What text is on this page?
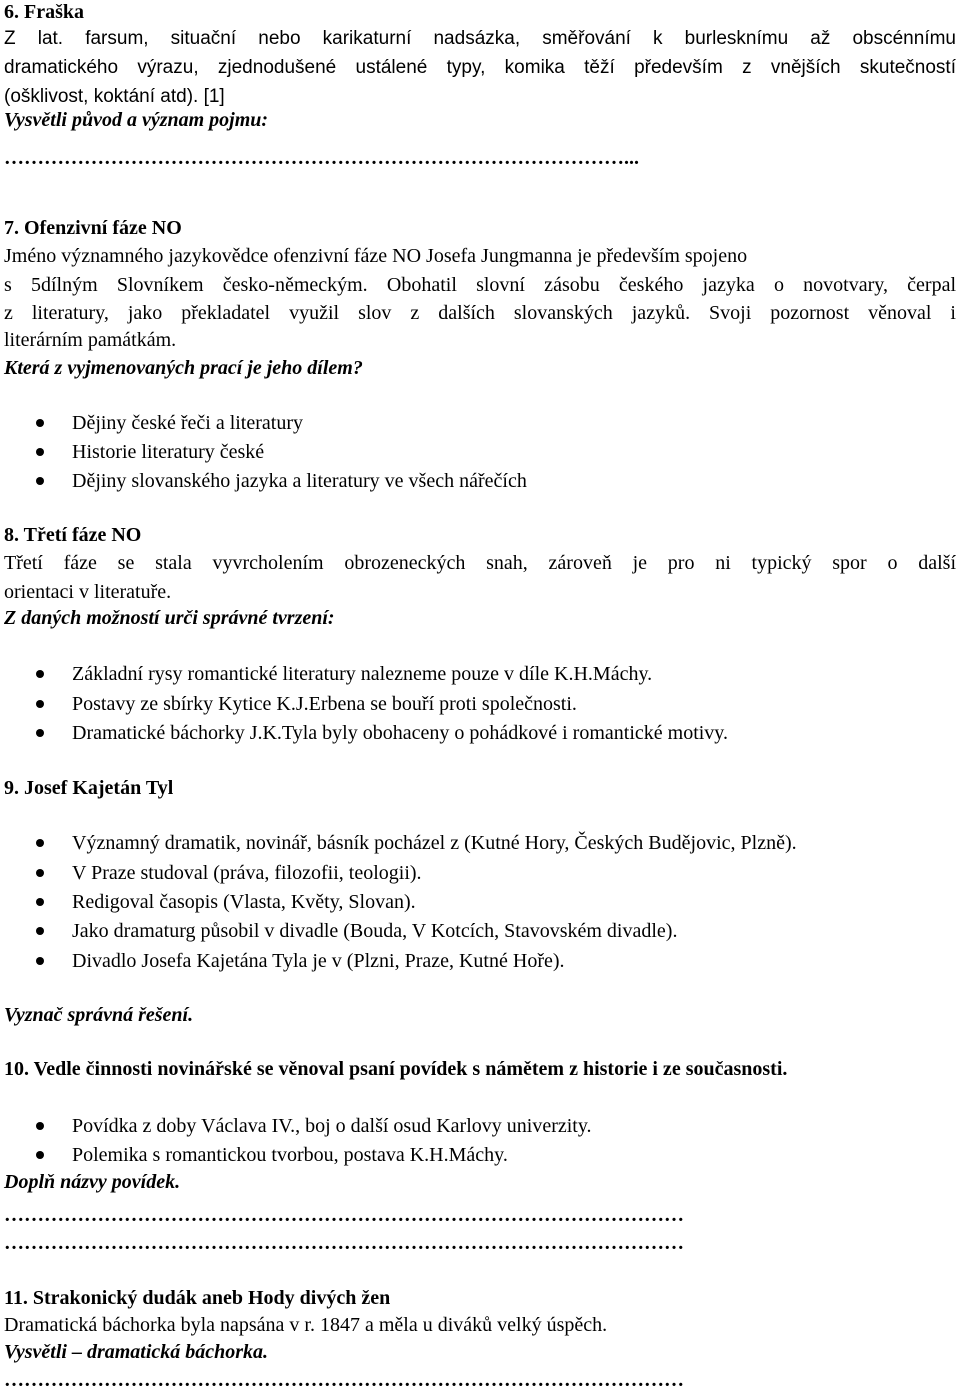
6. Fraška
Z lat. farsum, situační nebo karikaturní nadsázka, směřování k burlesknímu až obscénnímu
dramatického výrazu, zjednodušené ustálené typy, komika těží především z vnějších skutečností
(ošklivost, koktání atd). [1]
Vysvětli původ a význam pojmu:
…………………………………………………………………………………...
7. Ofenzivní fáze NO
Jméno významného jazykovědce ofenzivní fáze NO Josefa Jungmanna je především spojeno
s 5dílným Slovníkem česko-německým. Obohatil slovní zásobu českého jazyka o novotvary, čerpal
z literatury, jako překladatel využil slov z dalších slovanských jazyků. Svoji pozornost věnoval i
literárním památkám.
Která z vyjmenovaných prací je jeho dílem?
Dějiny české řeči a literatury
Historie literatury české
Dějiny slovanského jazyka a literatury ve všech nářečích
8. Třetí fáze NO
Třetí fáze se stala vyvrcholením obrozeneckých snah, zároveň je pro ni typický spor o další
orientaci v literatuře.
Z daných možností urči správné tvrzení:
Základní rysy romantické literatury nalezneme pouze v díle K.H.Máchy.
Postavy ze sbírky Kytice K.J.Erbena se bouří proti společnosti.
Dramatické báchorky J.K.Tyla byly obohaceny o pohádkové i romantické motivy.
9. Josef Kajetán Tyl
Významný dramatik, novinář, básník pocházel z (Kutné Hory, Českých Budějovic, Plzně).
V Praze studoval (práva, filozofii, teologii).
Redigoval časopis (Vlasta, Květy, Slovan).
Jako dramaturg působil v divadle (Bouda, V Kotcích, Stavovském divadle).
Divadlo Josefa Kajetána Tyla je v (Plzni, Praze, Kutné Hoře).
Vyznač správná řešení.
10. Vedle činnosti novinářské se věnoval psaní povídek s námětem z historie i ze současnosti.
Povídka z doby Václava IV., boj o další osud Karlovy univerzity.
Polemika s romantickou tvorbou, postava K.H.Máchy.
Doplň názvy povídek.
…………………………………………………………………………………………
…………………………………………………………………………………………
11. Strakonický dudák aneb Hody divých žen
Dramatická báchorka byla napsána v r. 1847 a měla u diváků velký úspěch.
Vysvětli – dramatická báchorka.
…………………………………………………………………………………………
